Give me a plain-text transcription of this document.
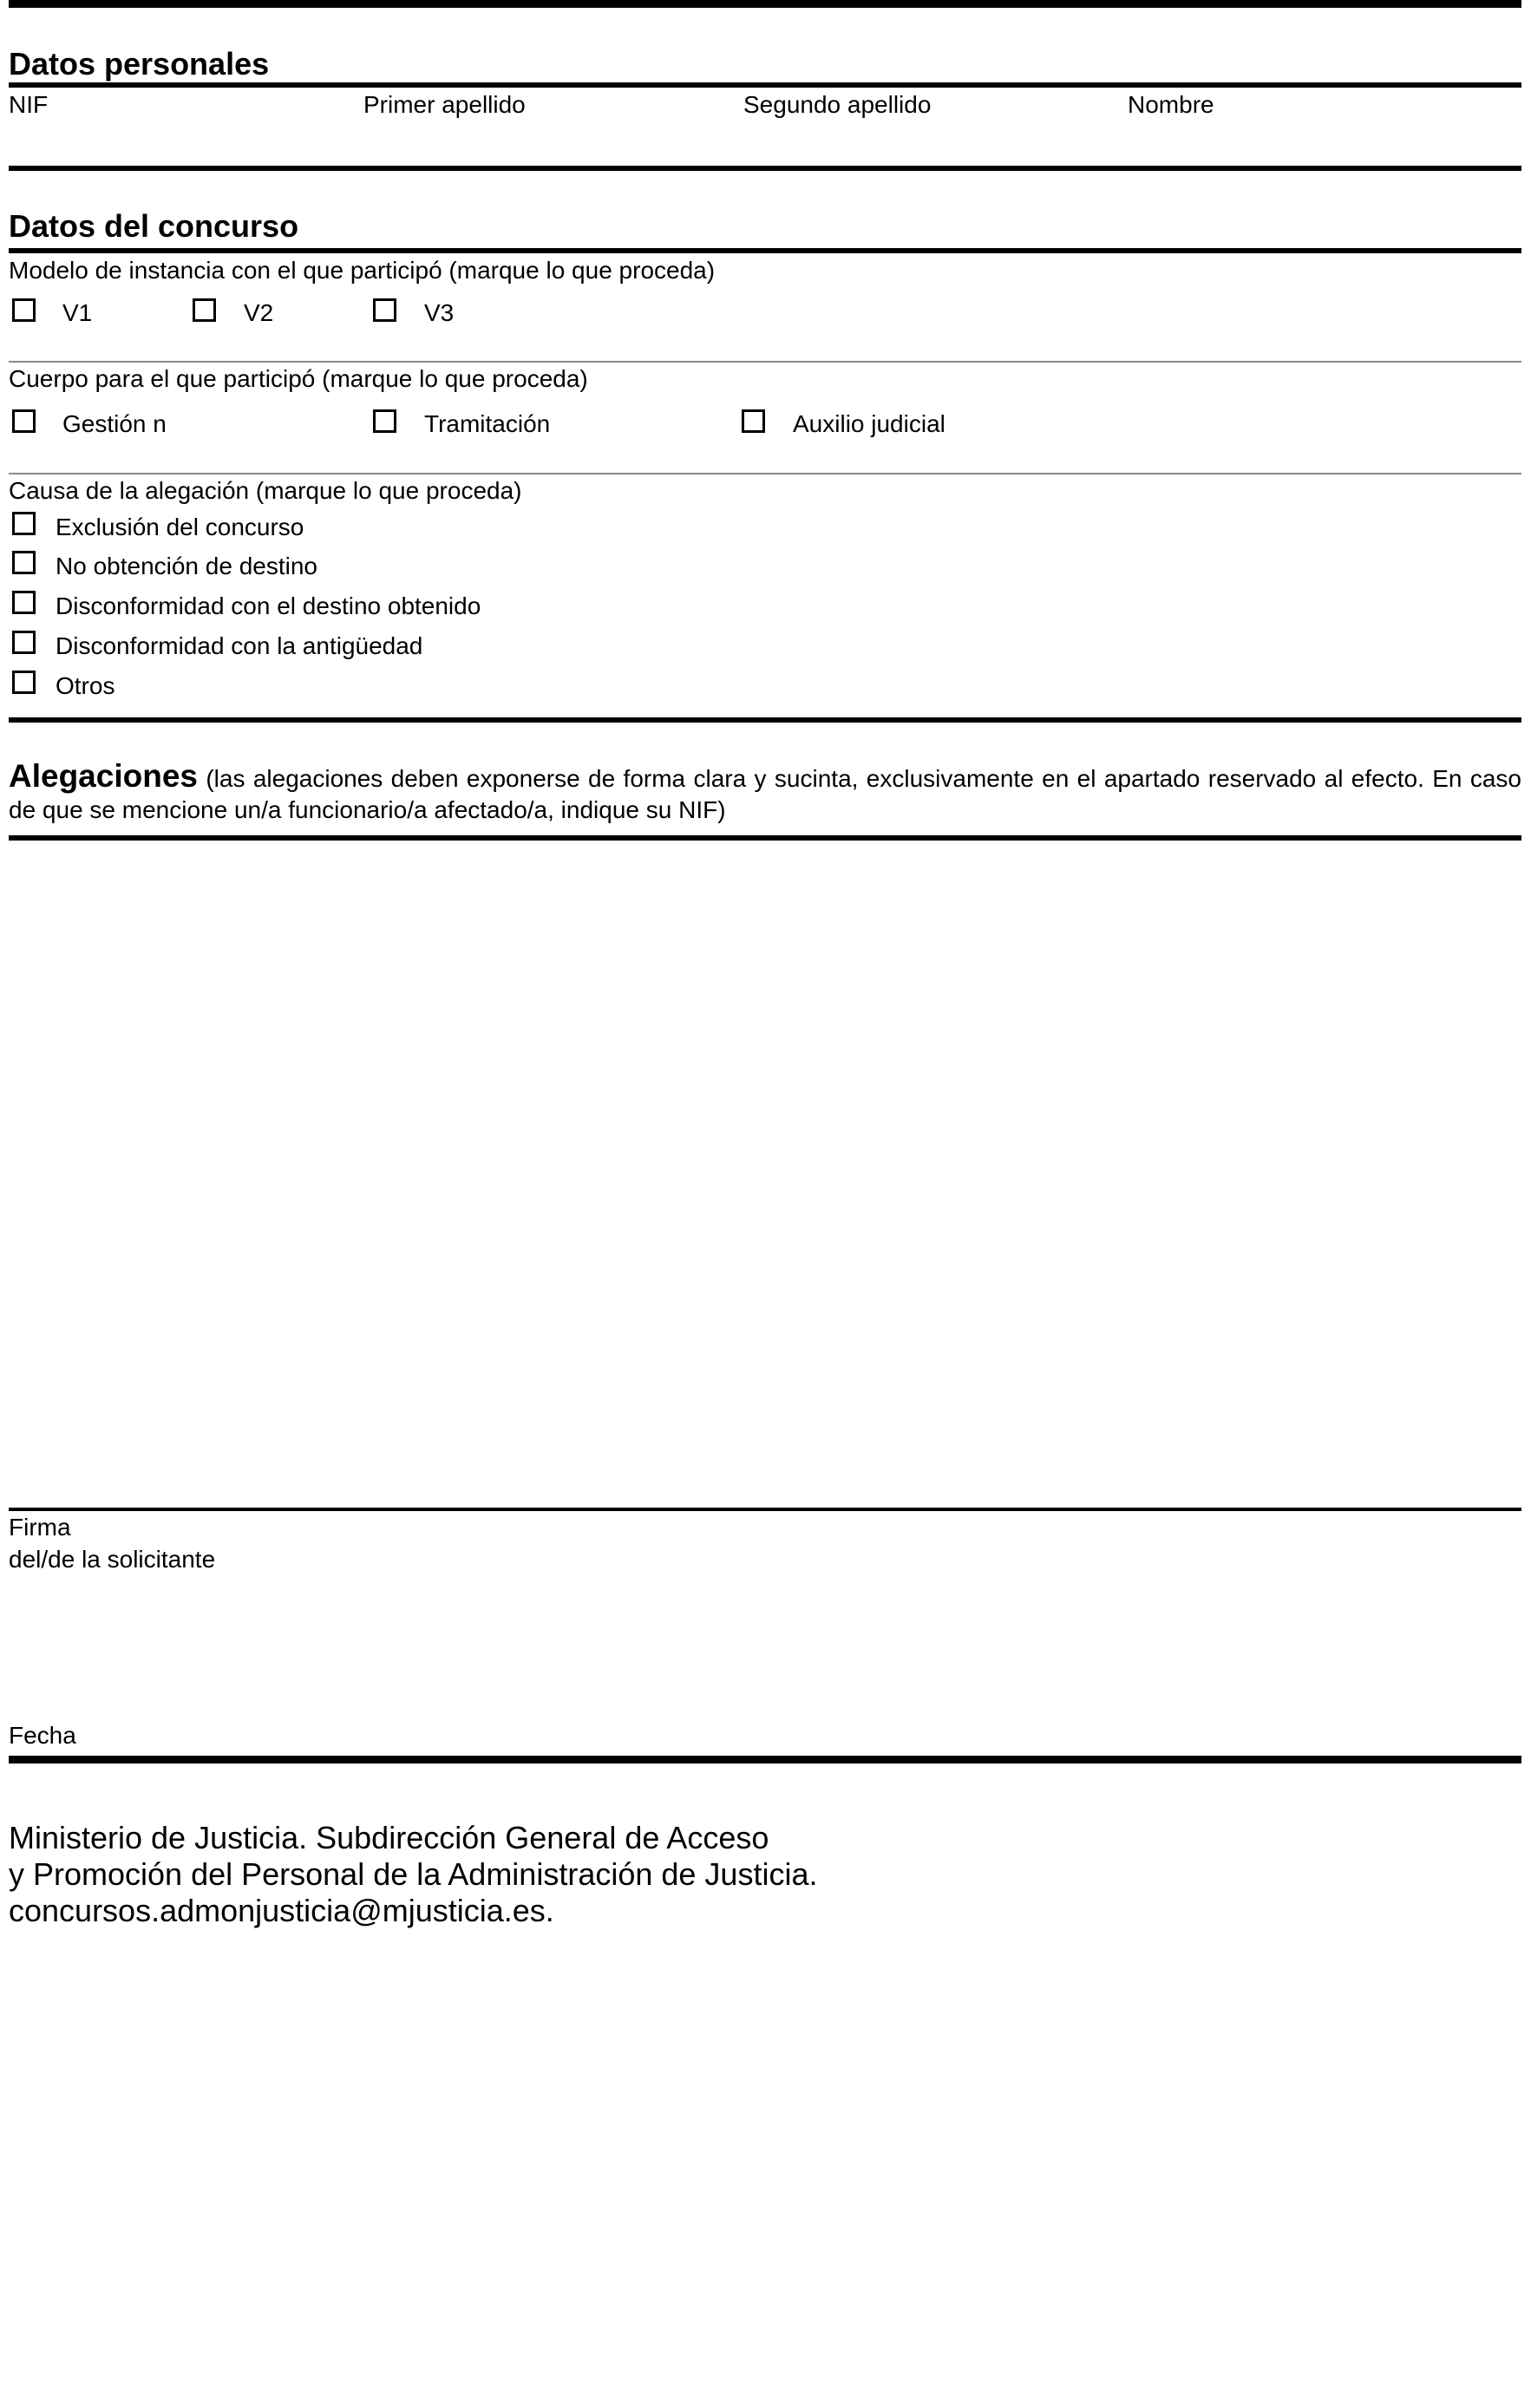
Datos personales
NIF	Primer apellido	Segundo apellido	Nombre
Datos del concurso
Modelo de instancia con el que participó (marque lo que proceda)
V1	V2	V3
Cuerpo para el que participó (marque lo que proceda)
Gestión n	Tramitación	Auxilio judicial
Causa de la alegación (marque lo que proceda)
Exclusión del concurso
No obtención de destino
Disconformidad con el destino obtenido
Disconformidad con la antigüedad
Otros
Alegaciones (las alegaciones deben exponerse de forma clara y sucinta, exclusivamente en el apartado reservado al efecto. En caso de que se mencione un/a funcionario/a afectado/a, indique su NIF)
Firma
del/de la solicitante
Fecha
Ministerio de Justicia. Subdirección General de Acceso
y Promoción del Personal de la Administración de Justicia.
concursos.admonjusticia@mjusticia.es.
